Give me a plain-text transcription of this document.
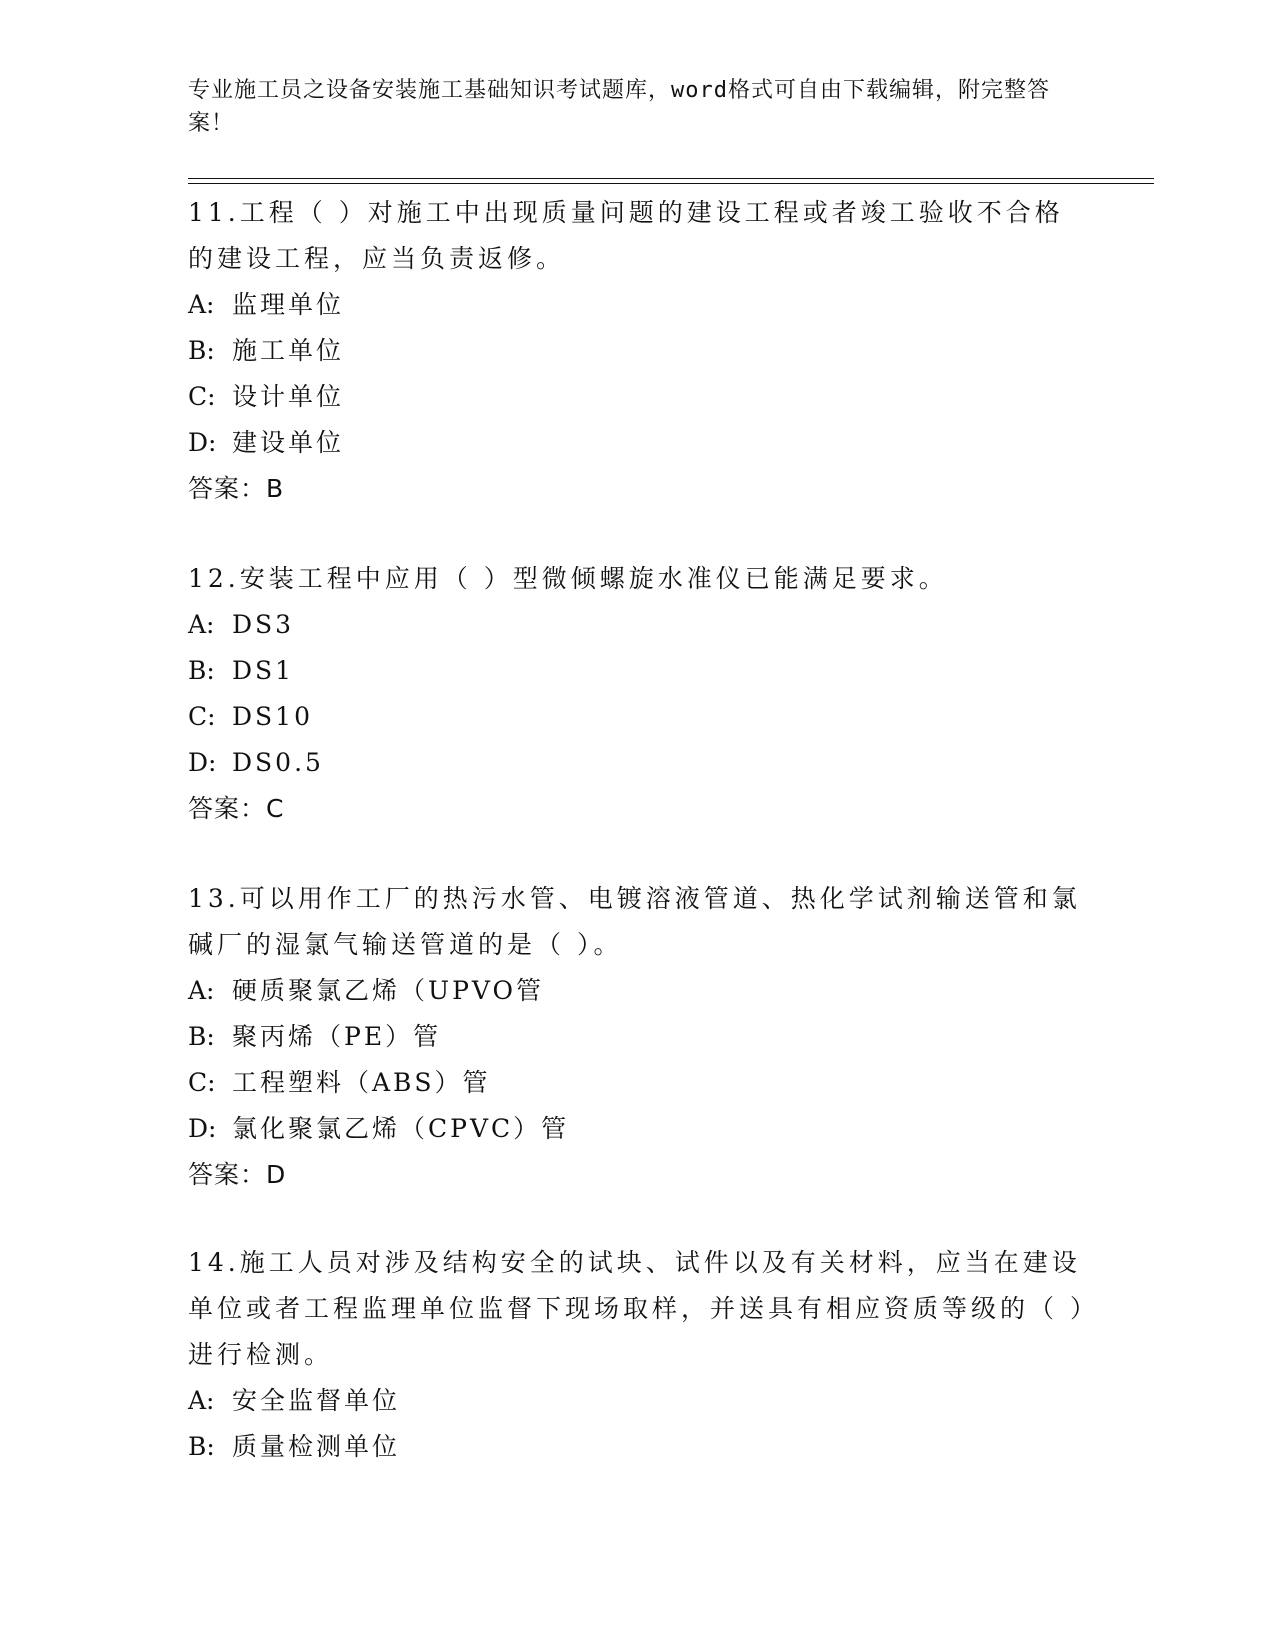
专业施工员之设备安装施工基础知识考试题库，word格式可自由下载编辑，附完整答案！

11.工程（ ）对施工中出现质量问题的建设工程或者竣工验收不合格的建设工程，应当负责返修。

A: 监理单位

B: 施工单位

C: 设计单位

D: 建设单位

答案：B

12.安装工程中应用（ ）型微倾螺旋水准仪已能满足要求。

A: DS3

B: DS1

C: DS10

D: DS0.5

答案：C

13.可以用作工厂的热污水管、电镀溶液管道、热化学试剂输送管和氯碱厂的湿氯气输送管道的是（ ）。

A: 硬质聚氯乙烯（UPVO管

B: 聚丙烯（PE）管

C: 工程塑料（ABS）管

D: 氯化聚氯乙烯（CPVC）管

答案：D

14.施工人员对涉及结构安全的试块、试件以及有关材料，应当在建设单位或者工程监理单位监督下现场取样，并送具有相应资质等级的（ ）进行检测。

A: 安全监督单位

B: 质量检测单位
